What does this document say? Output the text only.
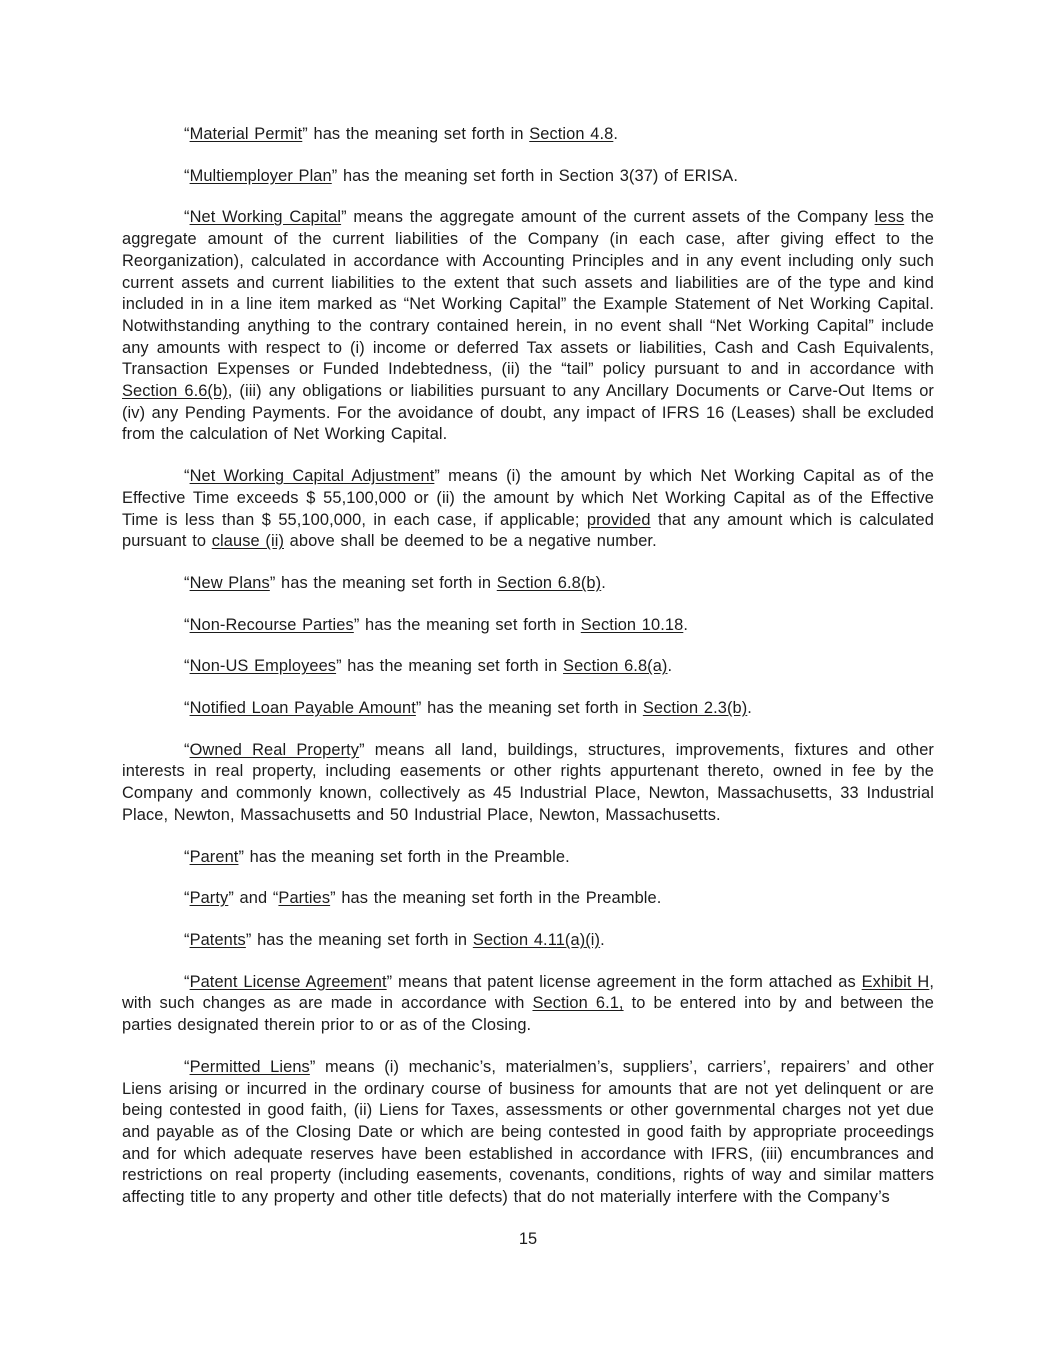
“Material Permit” has the meaning set forth in Section 4.8.

“Multiemployer Plan” has the meaning set forth in Section 3(37) of ERISA.

“Net Working Capital” means the aggregate amount of the current assets of the Company less the aggregate amount of the current liabilities of the Company (in each case, after giving effect to the Reorganization), calculated in accordance with Accounting Principles and in any event including only such current assets and current liabilities to the extent that such assets and liabilities are of the type and kind included in in a line item marked as “Net Working Capital” the Example Statement of Net Working Capital. Notwithstanding anything to the contrary contained herein, in no event shall “Net Working Capital” include any amounts with respect to (i) income or deferred Tax assets or liabilities, Cash and Cash Equivalents, Transaction Expenses or Funded Indebtedness, (ii) the “tail” policy pursuant to and in accordance with Section 6.6(b), (iii) any obligations or liabilities pursuant to any Ancillary Documents or Carve-Out Items or (iv) any Pending Payments. For the avoidance of doubt, any impact of IFRS 16 (Leases) shall be excluded from the calculation of Net Working Capital.

“Net Working Capital Adjustment” means (i) the amount by which Net Working Capital as of the Effective Time exceeds $ 55,100,000 or (ii) the amount by which Net Working Capital as of the Effective Time is less than $ 55,100,000, in each case, if applicable; provided that any amount which is calculated pursuant to clause (ii) above shall be deemed to be a negative number.

“New Plans” has the meaning set forth in Section 6.8(b).

“Non-Recourse Parties” has the meaning set forth in Section 10.18.

“Non-US Employees” has the meaning set forth in Section 6.8(a).

“Notified Loan Payable Amount” has the meaning set forth in Section 2.3(b).

“Owned Real Property” means all land, buildings, structures, improvements, fixtures and other interests in real property, including easements or other rights appurtenant thereto, owned in fee by the Company and commonly known, collectively as 45 Industrial Place, Newton, Massachusetts, 33 Industrial Place, Newton, Massachusetts and 50 Industrial Place, Newton, Massachusetts.

“Parent” has the meaning set forth in the Preamble.

“Party” and “Parties” has the meaning set forth in the Preamble.

“Patents” has the meaning set forth in Section 4.11(a)(i).

“Patent License Agreement” means that patent license agreement in the form attached as Exhibit H, with such changes as are made in accordance with Section 6.1, to be entered into by and between the parties designated therein prior to or as of the Closing.

“Permitted Liens” means (i) mechanic’s, materialmen’s, suppliers’, carriers’, repairers’ and other Liens arising or incurred in the ordinary course of business for amounts that are not yet delinquent or are being contested in good faith, (ii) Liens for Taxes, assessments or other governmental charges not yet due and payable as of the Closing Date or which are being contested in good faith by appropriate proceedings and for which adequate reserves have been established in accordance with IFRS, (iii) encumbrances and restrictions on real property (including easements, covenants, conditions, rights of way and similar matters affecting title to any property and other title defects) that do not materially interfere with the Company’s

15
